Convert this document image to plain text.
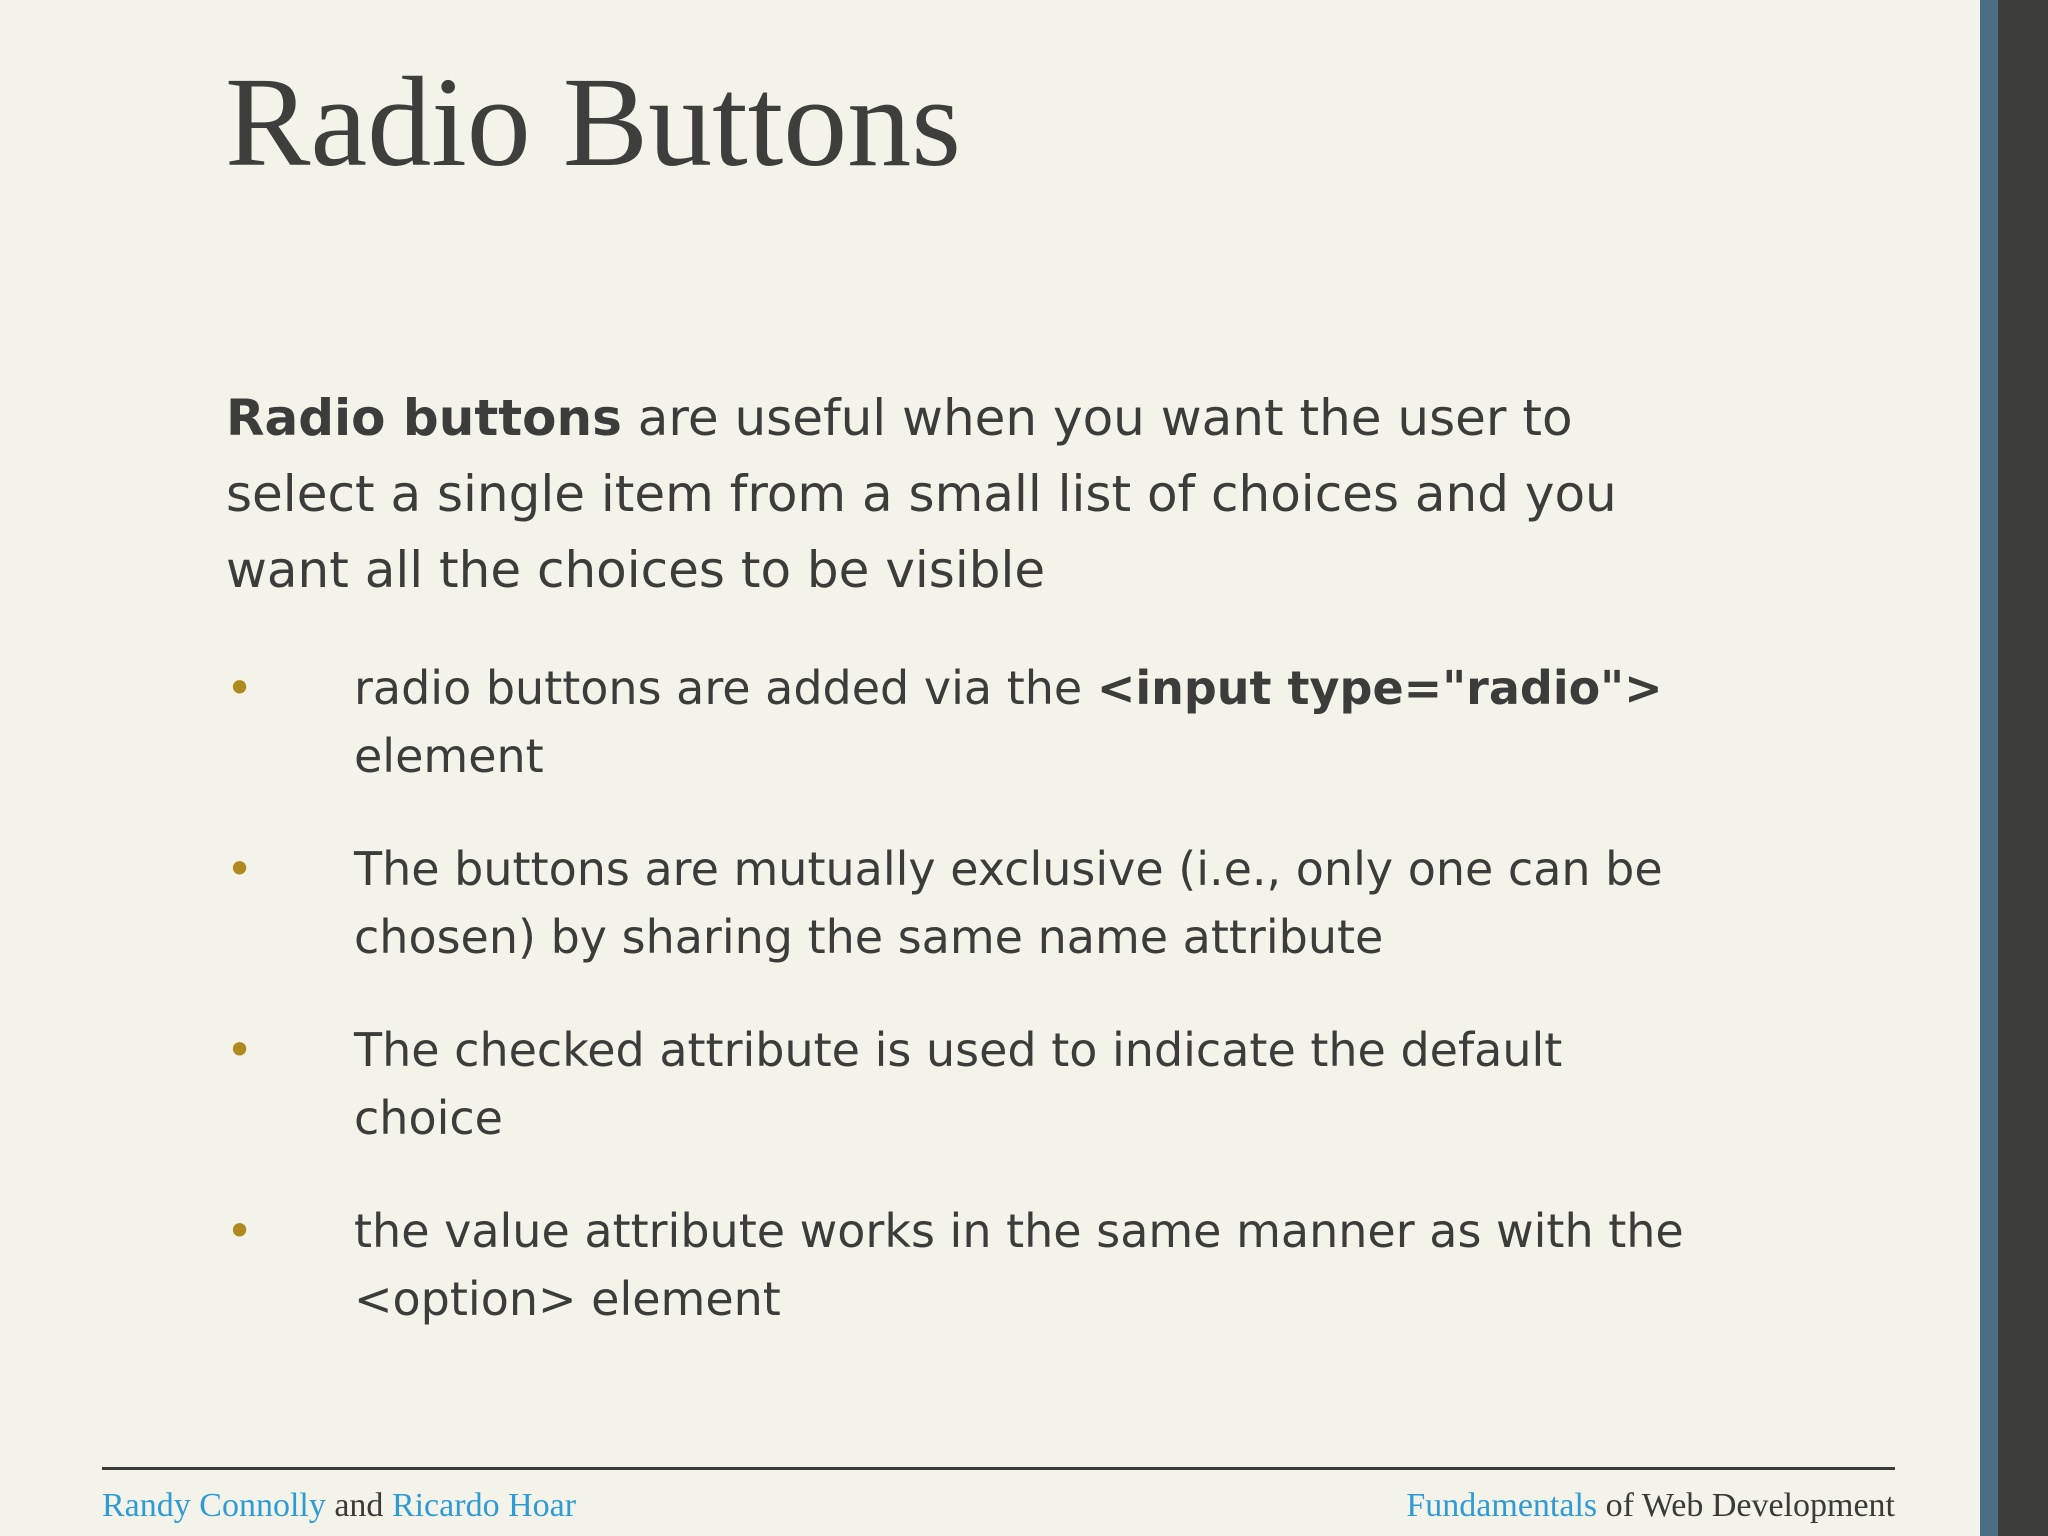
Radio Buttons

Radio buttons are useful when you want the user to select a single item from a small list of choices and you want all the choices to be visible

• radio buttons are added via the <input type="radio"> element
• The buttons are mutually exclusive (i.e., only one can be chosen) by sharing the same name attribute
• The checked attribute is used to indicate the default choice
• the value attribute works in the same manner as with the <option> element
Randy Connolly and Ricardo Hoar	Fundamentals of Web Development
